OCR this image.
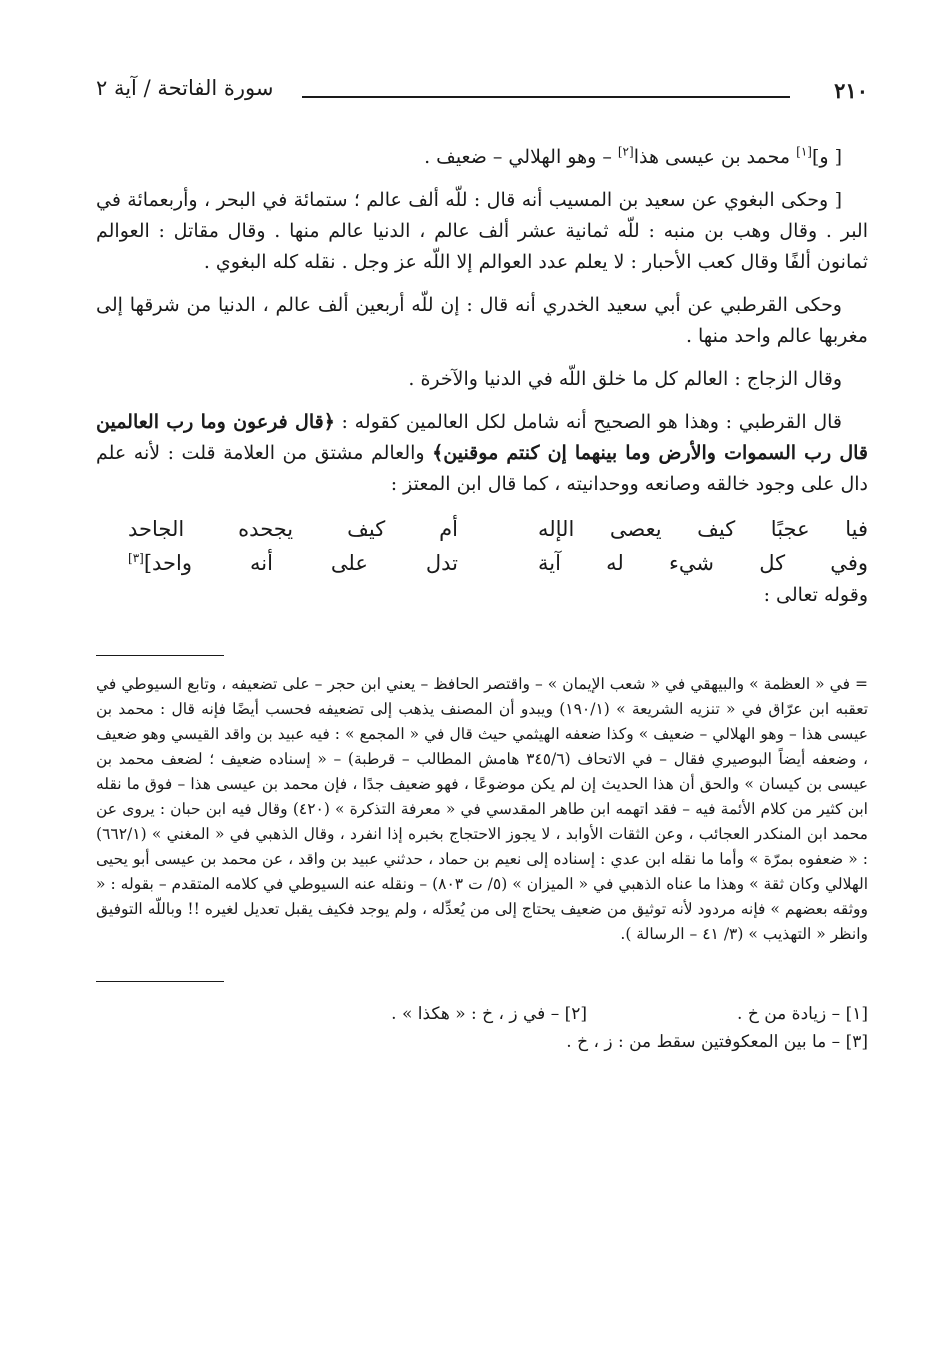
٢١٠
سورة الفاتحة / آية ٢

[ و][١] محمد بن عيسى هذا[٢] – وهو الهلالي – ضعيف .

[ وحكى البغوي عن سعيد بن المسيب أنه قال : للّه ألف عالم ؛ ستمائة في البحر ، وأربعمائة في البر . وقال وهب بن منبه : للّه ثمانية عشر ألف عالم ، الدنيا عالم منها . وقال مقاتل : العوالم ثمانون ألفًا وقال كعب الأحبار : لا يعلم عدد العوالم إلا اللّه عز وجل . نقله كله البغوي .

وحكى القرطبي عن أبي سعيد الخدري أنه قال : إن للّه أربعين ألف عالم ، الدنيا من شرقها إلى مغربها عالم واحد منها .

وقال الزجاج : العالم كل ما خلق اللّه في الدنيا والآخرة .

قال القرطبي : وهذا هو الصحيح أنه شامل لكل العالمين كقوله : ﴿قال فرعون وما رب العالمين قال رب السموات والأرض وما بينهما إن كنتم موقنين﴾ والعالم مشتق من العلامة قلت : لأنه علم دال على وجود خالقه وصانعه ووحدانيته ، كما قال ابن المعتز :

فيا عجبًا كيف يعصى الإله
أم كيف يجحده الجاحد
وفي كل شيء له آية
تدل على أنه واحد][٣]

وقوله تعالى :

= في « العظمة » والبيهقي في « شعب الإيمان » – واقتصر الحافظ – يعني ابن حجر – على تضعيفه ، وتابع السيوطي في تعقبه ابن عرّاق في « تنزيه الشريعة » (١٩٠/١) ويبدو أن المصنف يذهب إلى تضعيفه فحسب أيضًا فإنه قال : محمد بن عيسى هذا – وهو الهلالي – ضعيف » وكذا ضعفه الهيثمي حيث قال في « المجمع » : فيه عبيد بن واقد القيسي وهو ضعيف ، وضعفه أيضاً البوصيري فقال – في الاتحاف (٣٤٥/٦ هامش المطالب – قرطبة) – « إسناده ضعيف ؛ لضعف محمد بن عيسى بن كيسان » والحق أن هذا الحديث إن لم يكن موضوعًا ، فهو ضعيف جدًا ، فإن محمد بن عيسى هذا – فوق ما نقله ابن كثير من كلام الأئمة فيه – فقد اتهمه ابن طاهر المقدسي في « معرفة التذكرة » (٤٢٠) وقال فيه ابن حبان : يروى عن محمد ابن المنكدر العجائب ، وعن الثقات الأوابد ، لا يجوز الاحتجاج بخبره إذا انفرد ، وقال الذهبي في « المغني » (٦٦٢/١) : « ضعفوه بمرّة » وأما ما نقله ابن عدي : إسناده إلى نعيم بن حماد ، حدثني عبيد بن واقد ، عن محمد بن عيسى أبو يحيى الهلالي وكان ثقة » وهذا ما عناه الذهبي في « الميزان » (٥/ ت ٨٠٣) – ونقله عنه السيوطي في كلامه المتقدم – بقوله : « ووثقه بعضهم » فإنه مردود لأنه توثيق من ضعيف يحتاج إلى من يُعدِّله ، ولم يوجد فكيف يقبل تعديل لغيره !! وباللّه التوفيق وانظر « التهذيب » (٣/ ٤١ – الرسالة ).

[١] – زيادة من خ .
[٢] – في ز ، خ : « هكذا » .
[٣] – ما بين المعكوفتين سقط من : ز ، خ .
